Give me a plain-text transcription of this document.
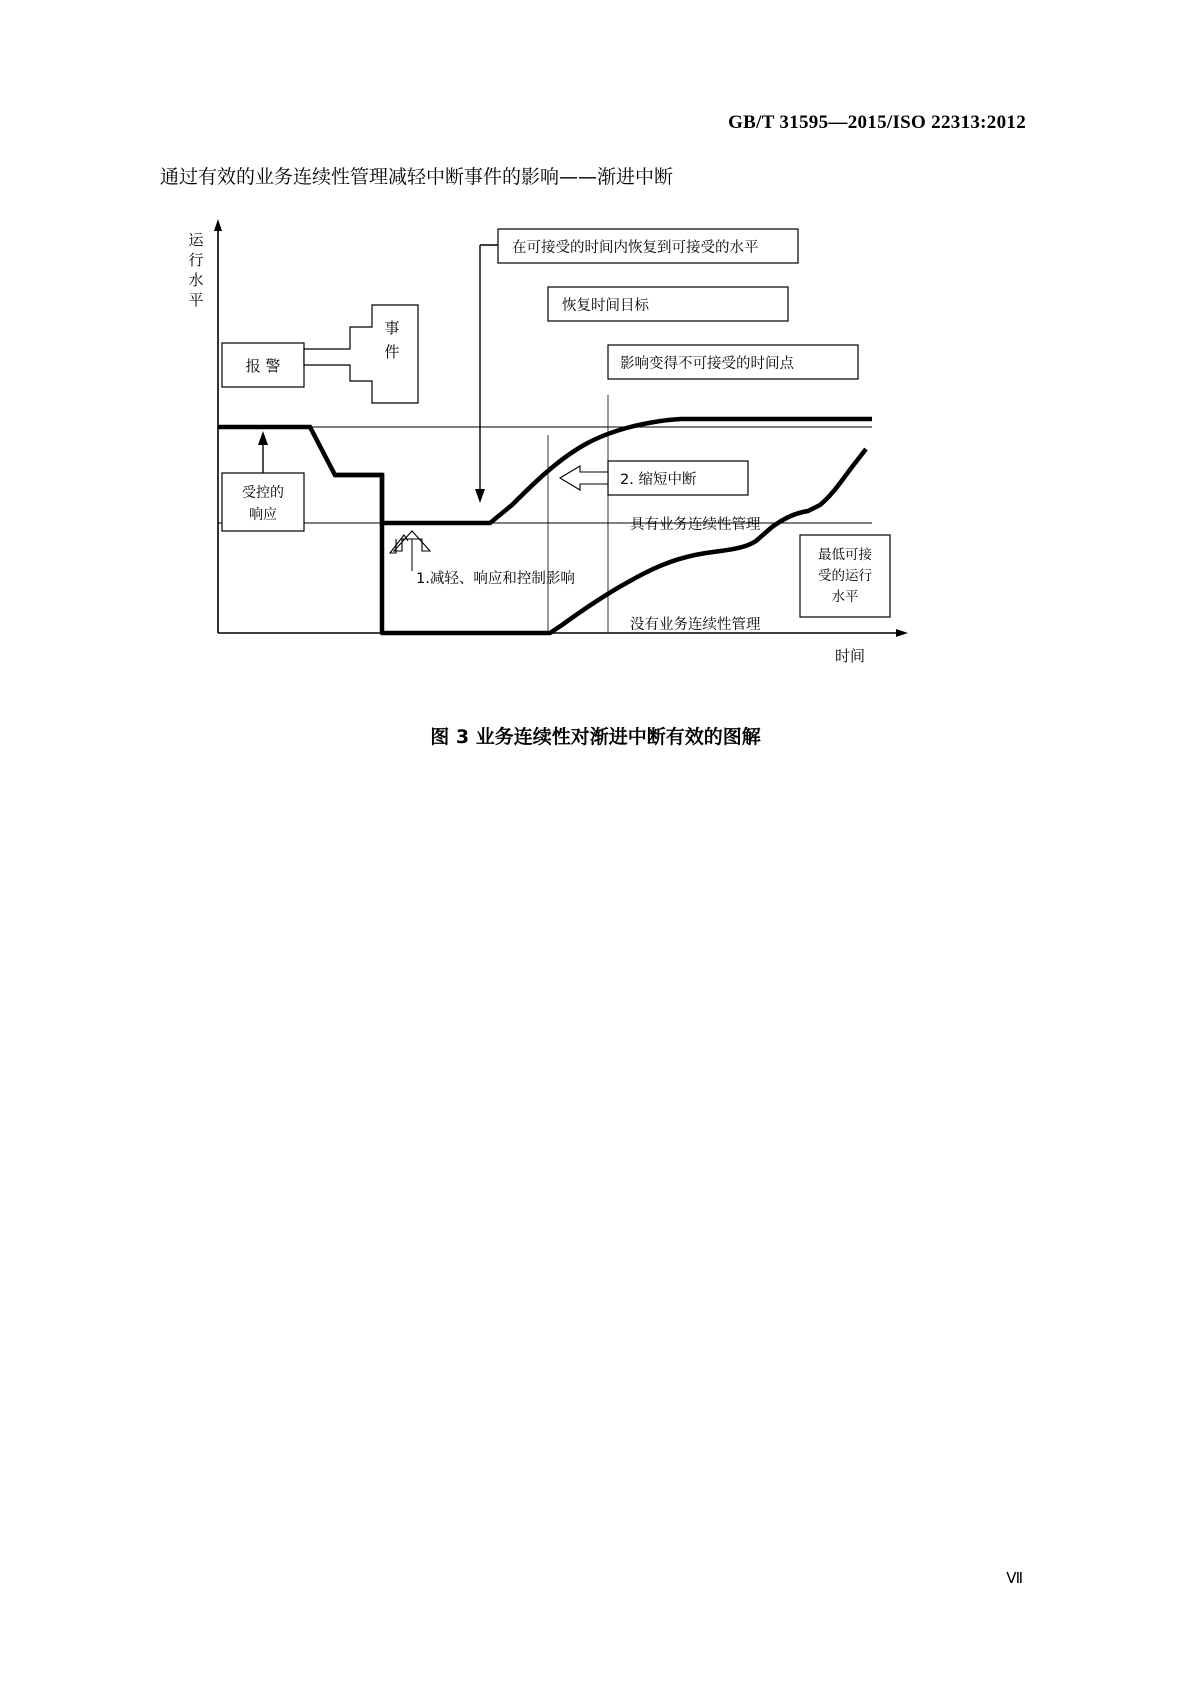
GB/T 31595—2015/ISO 22313:2012
通过有效的业务连续性管理减轻中断事件的影响——渐进中断
运
行
水
平
时间
报 警
事
件
受控的
响应
在可接受的时间内恢复到可接受的水平
恢复时间目标
影响变得不可接受的时间点
2. 缩短中断
1.减轻、响应和控制影响
具有业务连续性管理
没有业务连续性管理
最低可接
受的运行
水平
图 3 业务连续性对渐进中断有效的图解
Ⅶ
